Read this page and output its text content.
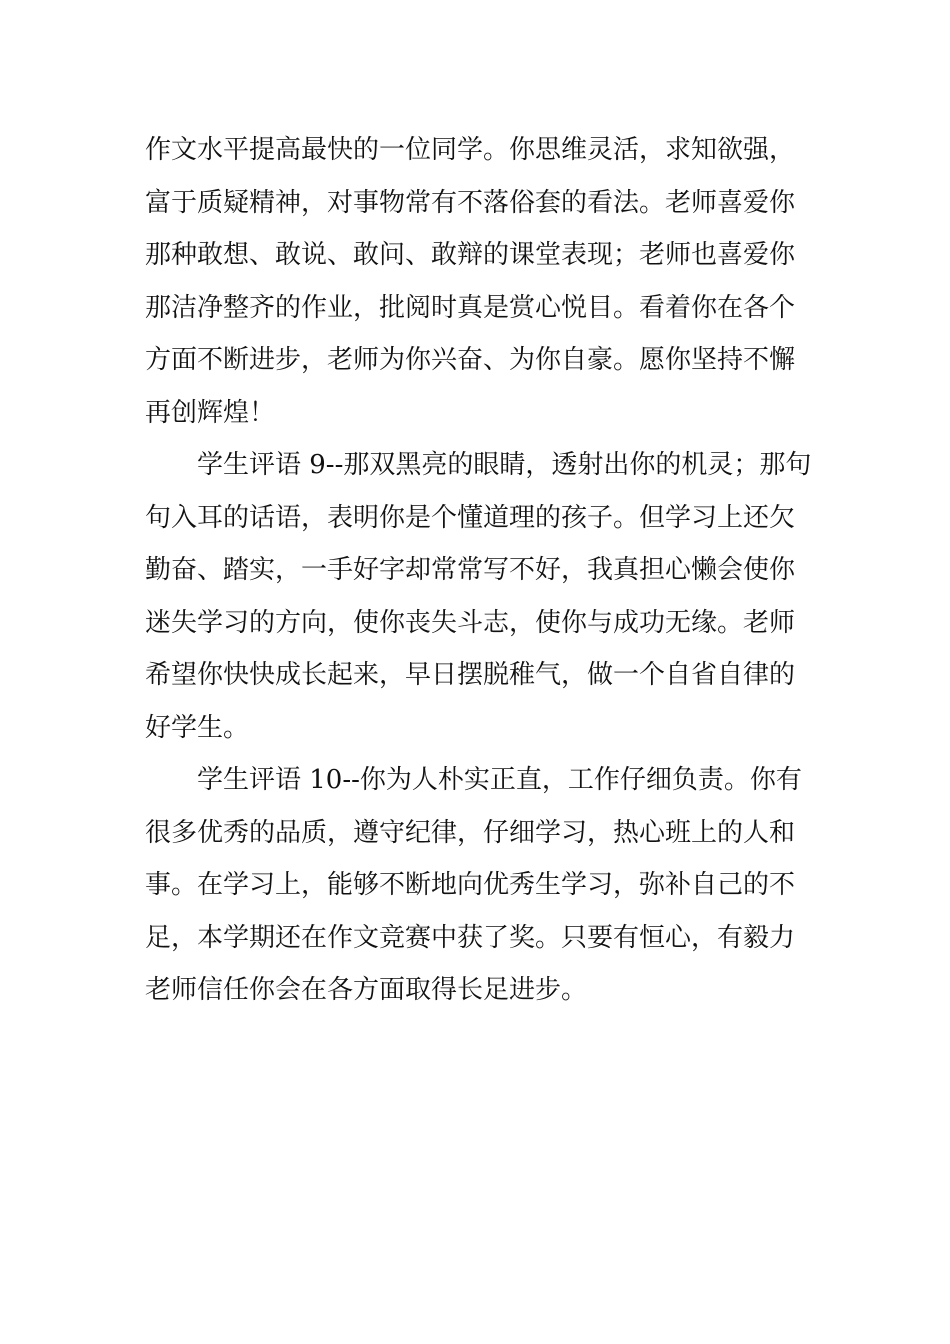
作文水平提高最快的一位同学。你思维灵活，求知欲强，
富于质疑精神，对事物常有不落俗套的看法。老师喜爱你
那种敢想、敢说、敢问、敢辩的课堂表现；老师也喜爱你
那洁净整齐的作业，批阅时真是赏心悦目。看着你在各个
方面不断进步，老师为你兴奋、为你自豪。愿你坚持不懈
再创辉煌！
学生评语 9--那双黑亮的眼睛，透射出你的机灵；那句
句入耳的话语，表明你是个懂道理的孩子。但学习上还欠
勤奋、踏实，一手好字却常常写不好，我真担心懒会使你
迷失学习的方向，使你丧失斗志，使你与成功无缘。老师
希望你快快成长起来，早日摆脱稚气，做一个自省自律的
好学生。
学生评语 10--你为人朴实正直，工作仔细负责。你有
很多优秀的品质，遵守纪律，仔细学习，热心班上的人和
事。在学习上，能够不断地向优秀生学习，弥补自己的不
足，本学期还在作文竞赛中获了奖。只要有恒心，有毅力
老师信任你会在各方面取得长足进步。
